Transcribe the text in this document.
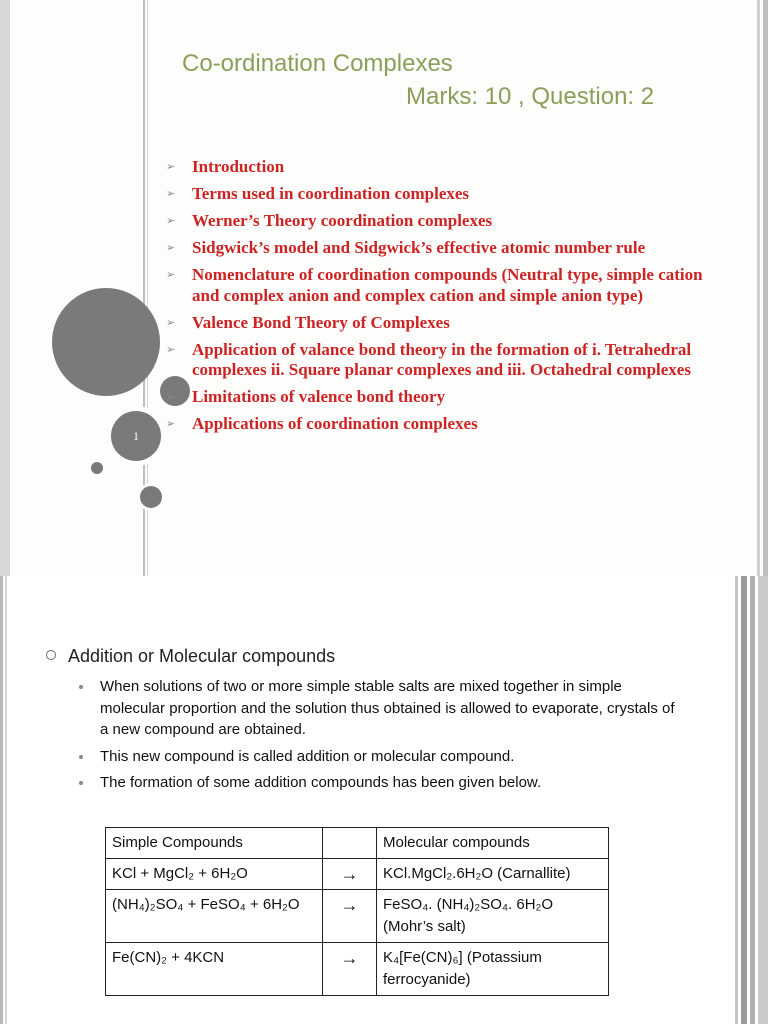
1
Co-ordination Complexes
Marks: 10 , Question: 2
➢ Introduction
➢ Terms used in coordination complexes
➢ Werner’s Theory coordination complexes
➢ Sidgwick’s model and Sidgwick’s effective atomic number rule
➢ Nomenclature of coordination compounds (Neutral type, simple cation and complex anion and complex cation and simple anion type)
➢ Valence Bond Theory of Complexes
➢ Application of valance bond theory in the formation of i. Tetrahedral complexes ii. Square planar complexes and iii. Octahedral complexes
➢ Limitations of valence bond theory
➢ Applications of coordination complexes
Addition or Molecular compounds
When solutions of two or more simple stable salts are mixed together in simple molecular proportion and the solution thus obtained is allowed to evaporate, crystals of a new compound are obtained.
This new compound is called addition or molecular compound.
The formation of some addition compounds has been given below.
Simple Compounds		Molecular compounds
KCl + MgCl₂ + 6H₂O	→	KCl.MgCl₂.6H₂O (Carnallite)
(NH₄)₂SO₄ + FeSO₄ + 6H₂O	→	FeSO₄. (NH₄)₂SO₄. 6H₂O (Mohr’s salt)
Fe(CN)₂ + 4KCN	→	K₄[Fe(CN)₆] (Potassium ferrocyanide)
